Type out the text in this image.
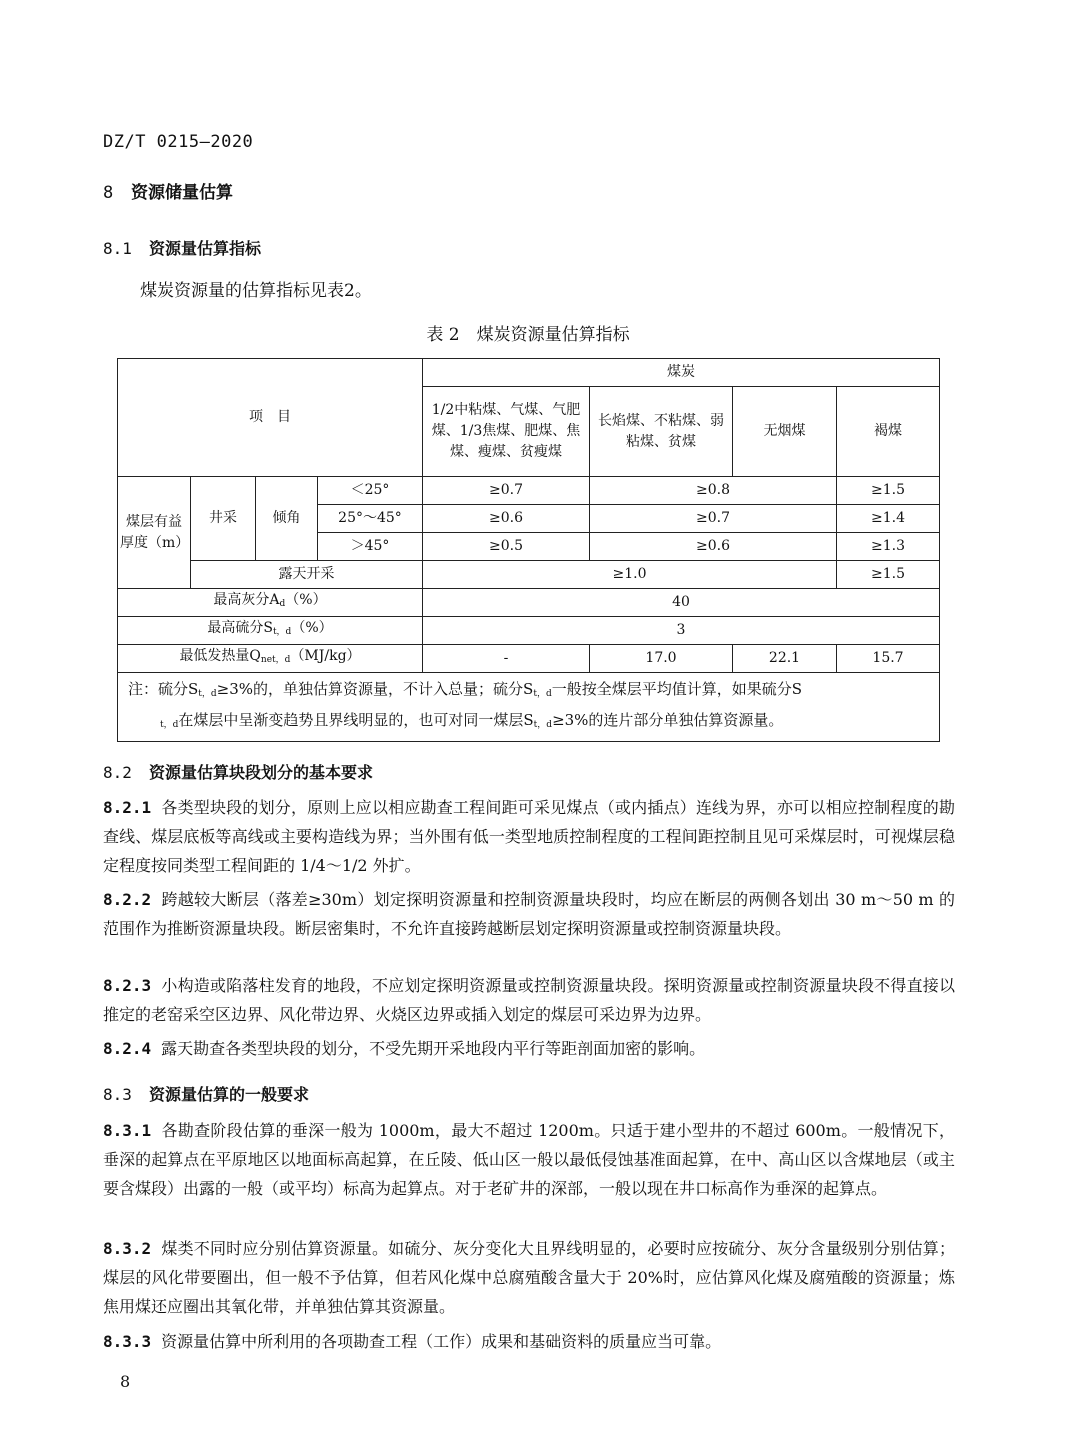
DZ/T 0215—2020
8 资源储量估算
8.1 资源量估算指标
煤炭资源量的估算指标见表2。
表 2　煤炭资源量估算指标
项　目				煤炭			
				1/2中粘煤、气煤、气肥煤、1/3焦煤、肥煤、焦煤、瘦煤、贫瘦煤	长焰煤、不粘煤、弱粘煤、贫煤	无烟煤	褐煤
煤层有益厚度（m）	井采	倾角	＜25°	≥0.7	≥0.8		≥1.5
			25°～45°	≥0.6	≥0.7		≥1.4
			＞45°	≥0.5	≥0.6		≥1.3
	露天开采			≥1.0			≥1.5
最高灰分$A_d(\%)$				40			
最高硫分$S_{t,d}(\%)$				3			
最低发热量$Q_{net,d}(MJ/kg)$				-	17.0	22.1	15.7
注：硫分$S_{t,d}\ge 3\%$的，单独估算资源量，不计入总量；硫分$S_{t,d}$一般按全煤层平均值计算，如果硫分S
$_{t,d}$在煤层中呈渐变趋势且界线明显的，也可对同一煤层$S_{t,d}\ge 3\%$的连片部分单独估算资源量。							
8.2 资源量估算块段划分的基本要求
8.2.1 各类型块段的划分，原则上应以相应勘查工程间距可采见煤点（或内插点）连线为界，亦可以相应控制程度的勘查线、煤层底板等高线或主要构造线为界；当外围有低一类型地质控制程度的工程间距控制且见可采煤层时，可视煤层稳定程度按同类型工程间距的 1/4～1/2 外扩。
8.2.2 跨越较大断层（落差≥30m）划定探明资源量和控制资源量块段时，均应在断层的两侧各划出 30 m～50 m 的范围作为推断资源量块段。断层密集时，不允许直接跨越断层划定探明资源量或控制资源量块段。
8.2.3 小构造或陷落柱发育的地段，不应划定探明资源量或控制资源量块段。探明资源量或控制资源量块段不得直接以推定的老窑采空区边界、风化带边界、火烧区边界或插入划定的煤层可采边界为边界。
8.2.4 露天勘查各类型块段的划分，不受先期开采地段内平行等距剖面加密的影响。
8.3 资源量估算的一般要求
8.3.1 各勘查阶段估算的垂深一般为 1000m，最大不超过 1200m。只适于建小型井的不超过 600m。一般情况下，垂深的起算点在平原地区以地面标高起算，在丘陵、低山区一般以最低侵蚀基准面起算，在中、高山区以含煤地层（或主要含煤段）出露的一般（或平均）标高为起算点。对于老矿井的深部，一般以现在井口标高作为垂深的起算点。
8.3.2 煤类不同时应分别估算资源量。如硫分、灰分变化大且界线明显的，必要时应按硫分、灰分含量级别分别估算；煤层的风化带要圈出，但一般不予估算，但若风化煤中总腐殖酸含量大于 20%时，应估算风化煤及腐殖酸的资源量；炼焦用煤还应圈出其氧化带，并单独估算其资源量。
8.3.3 资源量估算中所利用的各项勘查工程（工作）成果和基础资料的质量应当可靠。
8
